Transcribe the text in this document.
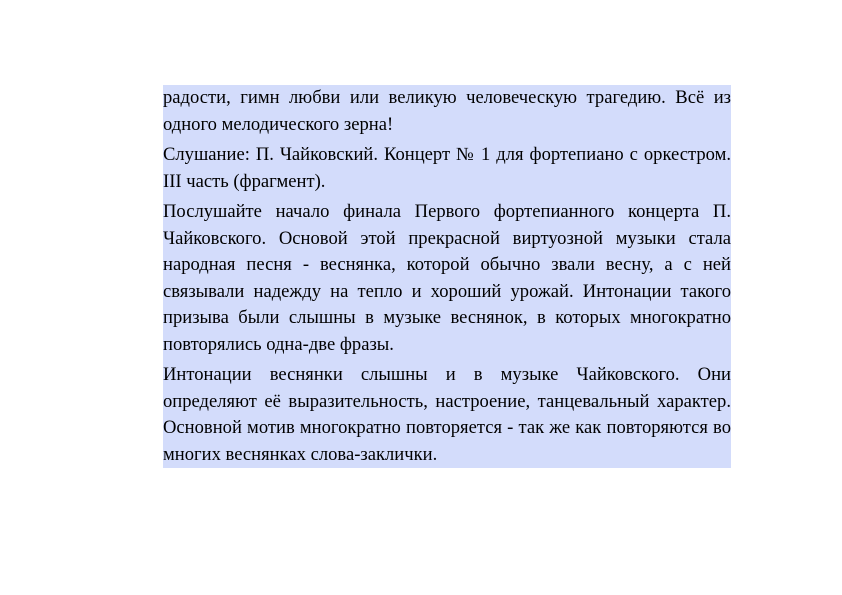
радости, гимн любви или великую человеческую трагедию. Всё из одного мелодического зерна!

Слушание: П. Чайковский. Концерт № 1 для фортепиано с оркестром. III часть (фрагмент).

Послушайте начало финала Первого фортепианного концерта П. Чайковского. Основой этой прекрасной виртуозной музыки стала народная песня - веснянка, которой обычно звали весну, а с ней связывали надежду на тепло и хороший урожай. Интонации такого призыва были слышны в музыке веснянок, в которых многократно повторялись одна-две фразы.

Интонации веснянки слышны и в музыке Чайковского. Они определяют её выразительность, настроение, танцевальный характер. Основной мотив многократно повторяется - так же как повторяются во многих веснянках слова-заклички.
